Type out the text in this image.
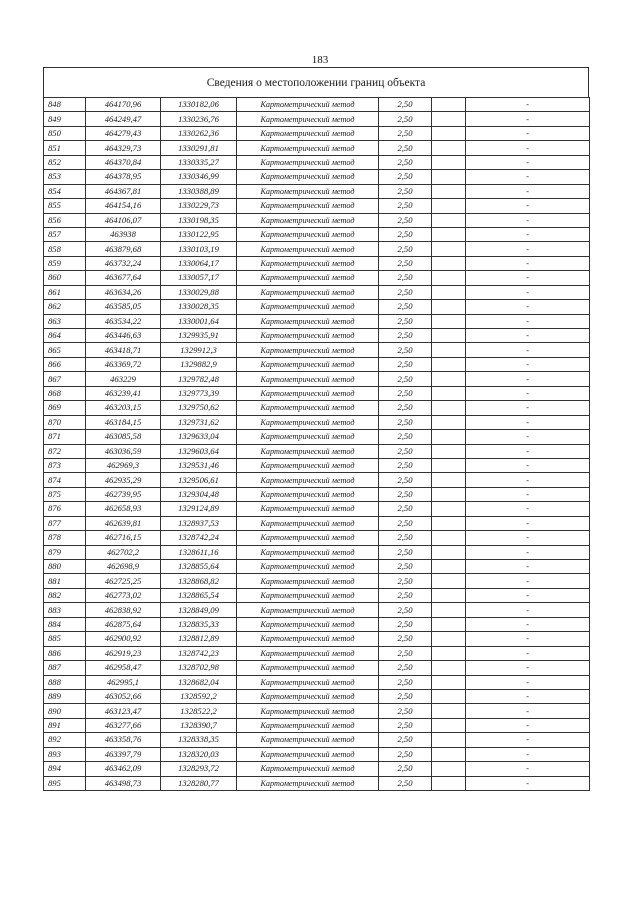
183
Сведения о местоположении границ объекта
848	464170,96	1330182,06	Картометрический метод	2,50		-
849	464249,47	1330236,76	Картометрический метод	2,50		-
850	464279,43	1330262,36	Картометрический метод	2,50		-
851	464329,73	1330291,81	Картометрический метод	2,50		-
852	464370,84	1330335,27	Картометрический метод	2,50		-
853	464378,95	1330346,99	Картометрический метод	2,50		-
854	464367,81	1330388,89	Картометрический метод	2,50		-
855	464154,16	1330229,73	Картометрический метод	2,50		-
856	464106,07	1330198,35	Картометрический метод	2,50		-
857	463938	1330122,95	Картометрический метод	2,50		-
858	463879,68	1330103,19	Картометрический метод	2,50		-
859	463732,24	1330064,17	Картометрический метод	2,50		-
860	463677,64	1330057,17	Картометрический метод	2,50		-
861	463634,26	1330029,88	Картометрический метод	2,50		-
862	463585,05	1330028,35	Картометрический метод	2,50		-
863	463534,22	1330001,64	Картометрический метод	2,50		-
864	463446,63	1329935,91	Картометрический метод	2,50		-
865	463418,71	1329912,3	Картометрический метод	2,50		-
866	463369,72	1329882,9	Картометрический метод	2,50		-
867	463229	1329782,48	Картометрический метод	2,50		-
868	463239,41	1329773,39	Картометрический метод	2,50		-
869	463203,15	1329750,62	Картометрический метод	2,50		-
870	463184,15	1329731,62	Картометрический метод	2,50		-
871	463085,58	1329633,04	Картометрический метод	2,50		-
872	463036,59	1329603,64	Картометрический метод	2,50		-
873	462969,3	1329531,46	Картометрический метод	2,50		-
874	462935,29	1329506,61	Картометрический метод	2,50		-
875	462739,95	1329304,48	Картометрический метод	2,50		-
876	462658,93	1329124,89	Картометрический метод	2,50		-
877	462639,81	1328937,53	Картометрический метод	2,50		-
878	462716,15	1328742,24	Картометрический метод	2,50		-
879	462702,2	1328611,16	Картометрический метод	2,50		-
880	462698,9	1328855,64	Картометрический метод	2,50		-
881	462725,25	1328868,82	Картометрический метод	2,50		-
882	462773,02	1328865,54	Картометрический метод	2,50		-
883	462838,92	1328849,09	Картометрический метод	2,50		-
884	462875,64	1328835,33	Картометрический метод	2,50		-
885	462900,92	1328812,89	Картометрический метод	2,50		-
886	462919,23	1328742,23	Картометрический метод	2,50		-
887	462958,47	1328702,98	Картометрический метод	2,50		-
888	462995,1	1328682,04	Картометрический метод	2,50		-
889	463052,66	1328592,2	Картометрический метод	2,50		-
890	463123,47	1328522,2	Картометрический метод	2,50		-
891	463277,66	1328390,7	Картометрический метод	2,50		-
892	463358,76	1328338,35	Картометрический метод	2,50		-
893	463397,79	1328320,03	Картометрический метод	2,50		-
894	463462,09	1328293,72	Картометрический метод	2,50		-
895	463498,73	1328280,77	Картометрический метод	2,50		-
